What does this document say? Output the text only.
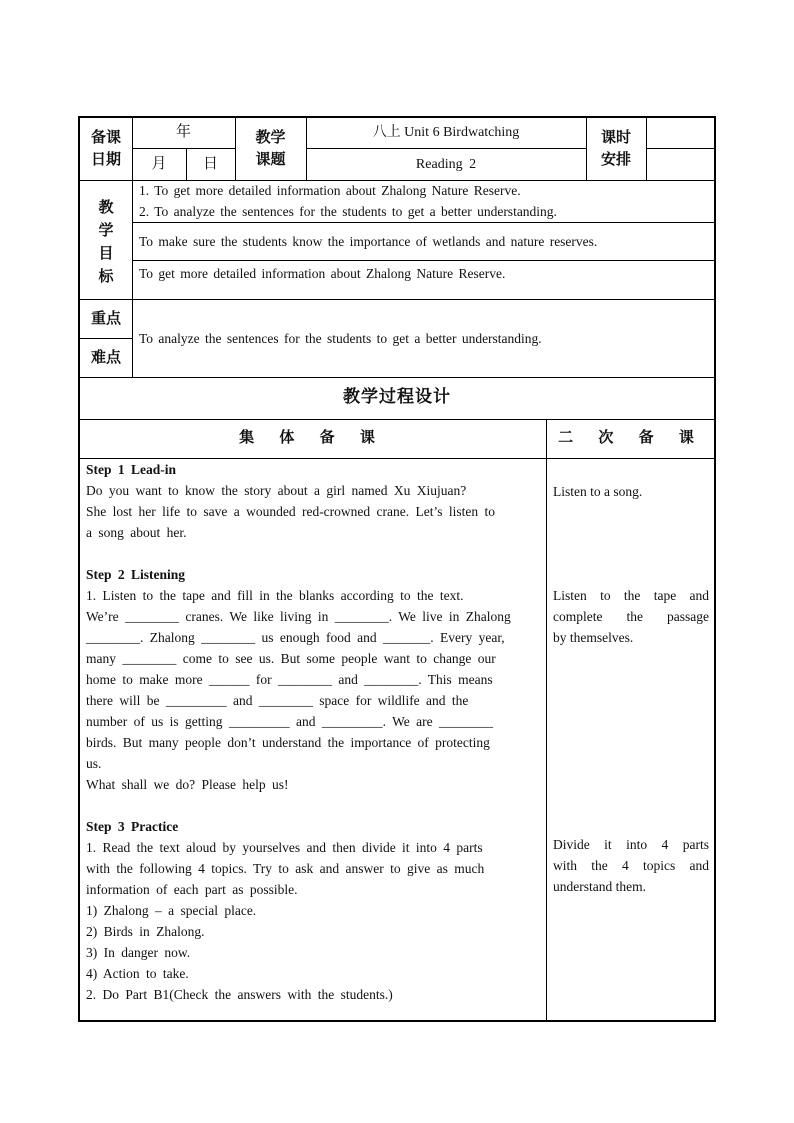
备课日期
年
月	日
教学课题
八上 Unit 6 Birdwatching
Reading 2
课时安排
教
学
目
标
1. To get more detailed information about Zhalong Nature Reserve.
2. To analyze the sentences for the students to get a better understanding.
To make sure the students know the importance of wetlands and nature reserves.
To get more detailed information about Zhalong Nature Reserve.
重点
难点
To analyze the sentences for the students to get a better understanding.
教学过程设计
集 体 备 课	二 次 备 课

Step 1 Lead-in

Do you want to know the story about a girl named Xu Xiujuan?

She lost her life to save a wounded red-crowned crane. Let’s listen to

a song about her.

Step 2 Listening

1. Listen to the tape and fill in the blanks according to the text.

We’re ________ cranes. We like living in ________. We live in Zhalong

________. Zhalong ________ us enough food and _______. Every year,

many ________ come to see us. But some people want to change our

home to make more ______ for ________ and ________. This means

there will be _________ and ________ space for wildlife and the

number of us is getting _________ and _________. We are ________

birds. But many people don’t understand the importance of protecting

us.

What shall we do? Please help us!

Step 3 Practice

1. Read the text aloud by yourselves and then divide it into 4 parts

with the following 4 topics. Try to ask and answer to give as much

information of each part as possible.

1) Zhalong – a special place.

2) Birds in Zhalong.

3) In danger now.

4) Action to take.

2. Do Part B1(Check the answers with the students.)

Listen to a song.
Listen to the tape and
complete the passage
by themselves.
Divide it into 4 parts
with the 4 topics and
understand them.
